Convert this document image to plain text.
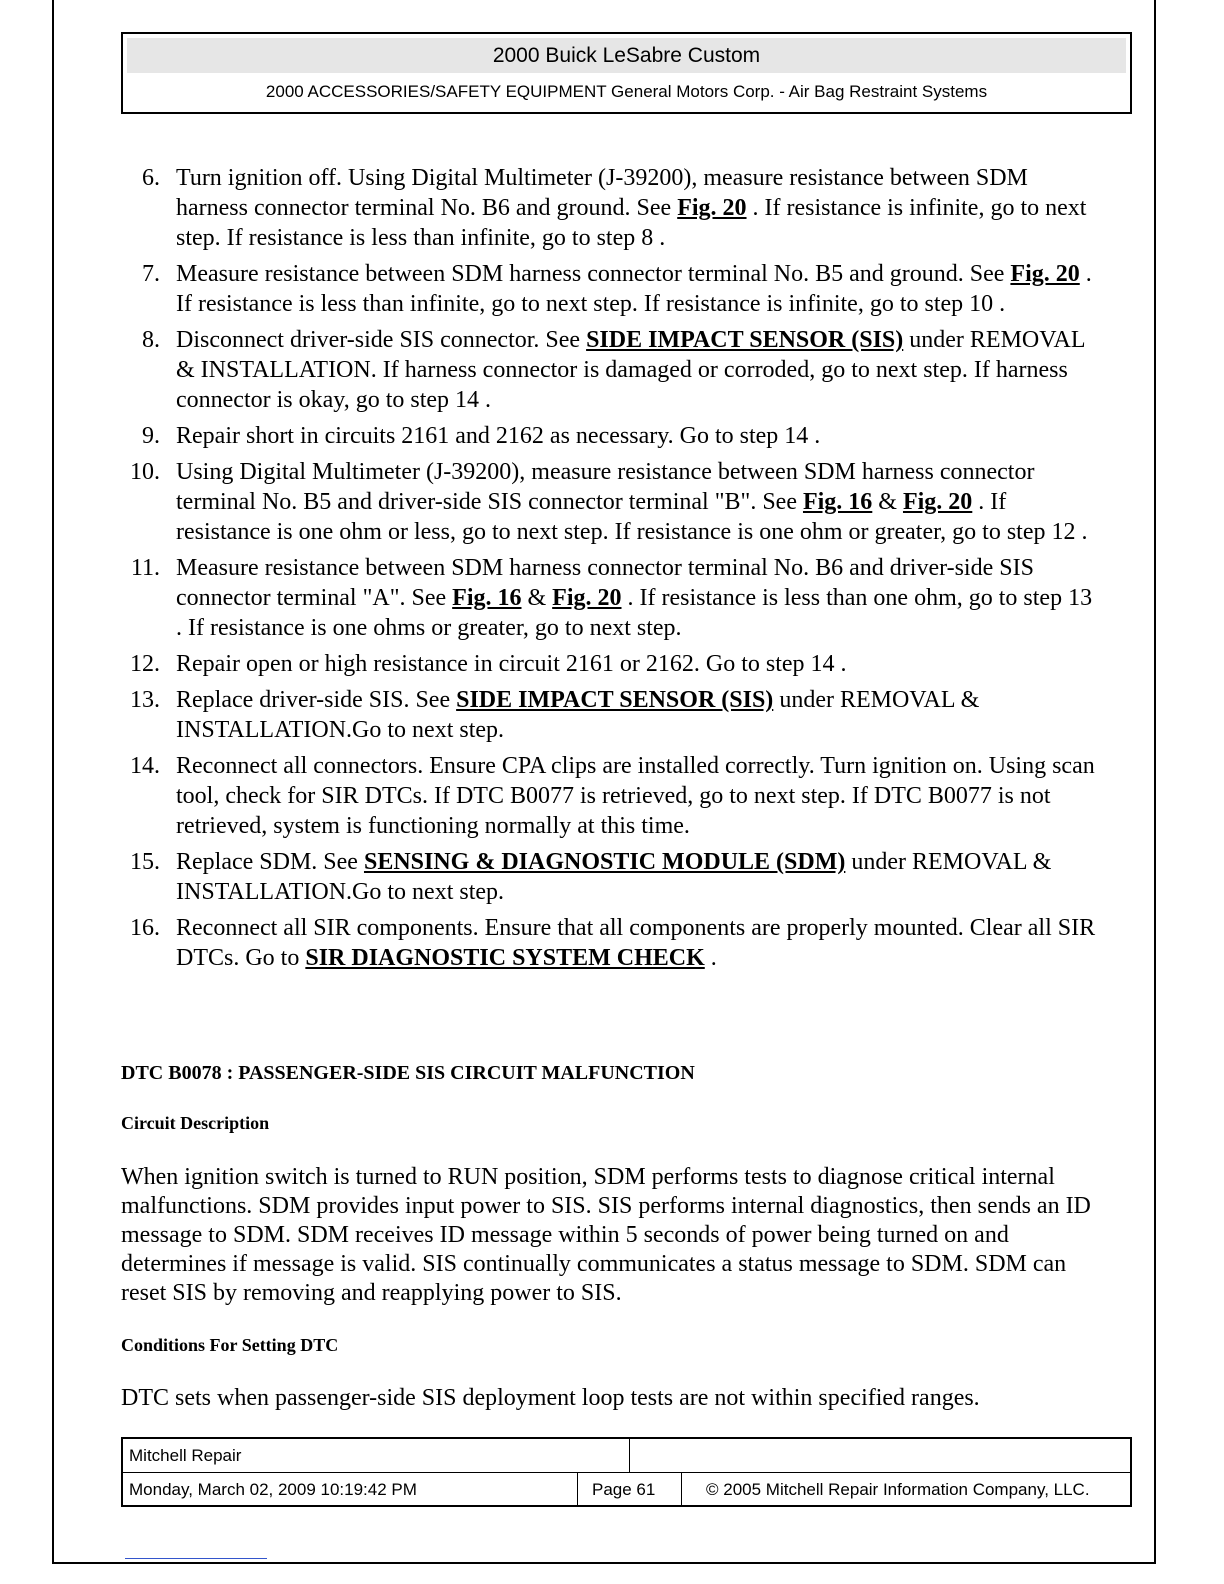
2000 Buick LeSabre Custom
2000 ACCESSORIES/SAFETY EQUIPMENT General Motors Corp. - Air Bag Restraint Systems
6. Turn ignition off. Using Digital Multimeter (J-39200), measure resistance between SDM harness connector terminal No. B6 and ground. See Fig. 20 . If resistance is infinite, go to next step. If resistance is less than infinite, go to step 8 .
7. Measure resistance between SDM harness connector terminal No. B5 and ground. See Fig. 20 . If resistance is less than infinite, go to next step. If resistance is infinite, go to step 10 .
8. Disconnect driver-side SIS connector. See SIDE IMPACT SENSOR (SIS) under REMOVAL & INSTALLATION. If harness connector is damaged or corroded, go to next step. If harness connector is okay, go to step 14 .
9. Repair short in circuits 2161 and 2162 as necessary. Go to step 14 .
10. Using Digital Multimeter (J-39200), measure resistance between SDM harness connector terminal No. B5 and driver-side SIS connector terminal "B". See Fig. 16 & Fig. 20 . If resistance is one ohm or less, go to next step. If resistance is one ohm or greater, go to step 12 .
11. Measure resistance between SDM harness connector terminal No. B6 and driver-side SIS connector terminal "A". See Fig. 16 & Fig. 20 . If resistance is less than one ohm, go to step 13 . If resistance is one ohms or greater, go to next step.
12. Repair open or high resistance in circuit 2161 or 2162. Go to step 14 .
13. Replace driver-side SIS. See SIDE IMPACT SENSOR (SIS) under REMOVAL & INSTALLATION.Go to next step.
14. Reconnect all connectors. Ensure CPA clips are installed correctly. Turn ignition on. Using scan tool, check for SIR DTCs. If DTC B0077 is retrieved, go to next step. If DTC B0077 is not retrieved, system is functioning normally at this time.
15. Replace SDM. See SENSING & DIAGNOSTIC MODULE (SDM) under REMOVAL & INSTALLATION.Go to next step.
16. Reconnect all SIR components. Ensure that all components are properly mounted. Clear all SIR DTCs. Go to SIR DIAGNOSTIC SYSTEM CHECK .
DTC B0078 : PASSENGER-SIDE SIS CIRCUIT MALFUNCTION
Circuit Description
When ignition switch is turned to RUN position, SDM performs tests to diagnose critical internal malfunctions. SDM provides input power to SIS. SIS performs internal diagnostics, then sends an ID message to SDM. SDM receives ID message within 5 seconds of power being turned on and determines if message is valid. SIS continually communicates a status message to SDM. SDM can reset SIS by removing and reapplying power to SIS.
Conditions For Setting DTC
DTC sets when passenger-side SIS deployment loop tests are not within specified ranges.
Mitchell Repair
Monday, March 02, 2009 10:19:42 PM	Page 61	© 2005 Mitchell Repair Information Company, LLC.
